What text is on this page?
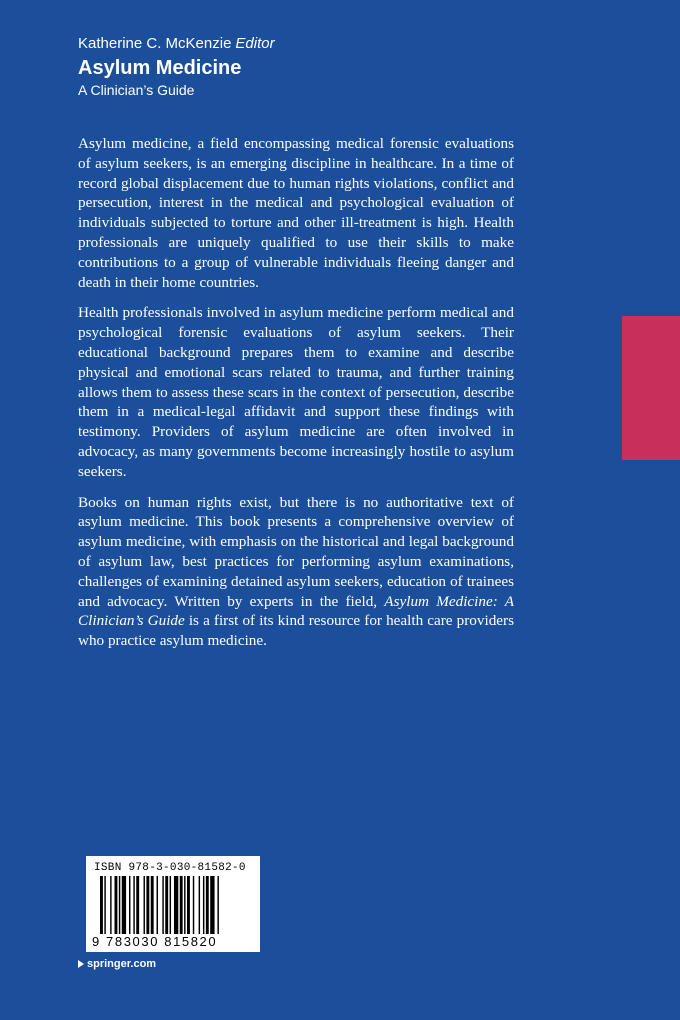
Katherine C. McKenzie Editor
Asylum Medicine
A Clinician’s Guide

Asylum medicine, a field encompassing medical forensic evaluations of asylum seekers, is an emerging discipline in healthcare. In a time of record global displacement due to human rights violations, conflict and persecution, interest in the medical and psychological evaluation of individuals subjected to torture and other ill-treatment is high. Health professionals are uniquely qualified to use their skills to make contributions to a group of vulnerable individuals fleeing danger and death in their home countries.

Health professionals involved in asylum medicine perform medical and psychological forensic evaluations of asylum seekers. Their educational background prepares them to examine and describe physical and emotional scars related to trauma, and further training allows them to assess these scars in the context of persecution, describe them in a medical-legal affidavit and support these findings with testimony. Providers of asylum medicine are often involved in advocacy, as many governments become increasingly hostile to asylum seekers.

Books on human rights exist, but there is no authoritative text of asylum medicine. This book presents a comprehensive overview of asylum medicine, with emphasis on the historical and legal background of asylum law, best practices for performing asylum examinations, challenges of examining detained asylum seekers, education of trainees and advocacy. Written by experts in the field, Asylum Medicine: A Clinician’s Guide is a first of its kind resource for health care providers who practice asylum medicine.

ISBN 978-3-030-81582-0
9 783030 815820
springer.com
